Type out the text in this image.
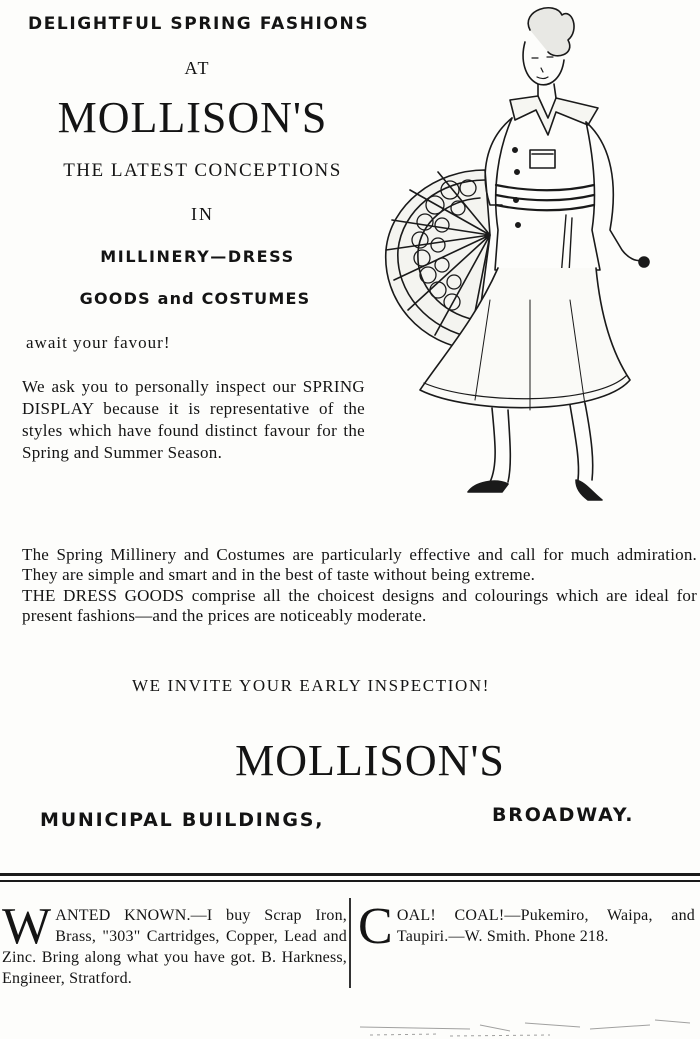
DELIGHTFUL SPRING FASHIONS
AT
MOLLISON'S
THE LATEST CONCEPTIONS
IN
MILLINERY—DRESS
GOODS and COSTUMES
await your favour!
We ask you to personally inspect our SPRING DISPLAY because it is representative of the styles which have found distinct favour for the Spring and Summer Season.
The Spring Millinery and Costumes are particularly effective and call for much admiration. They are simple and smart and in the best of taste without being extreme.
THE DRESS GOODS comprise all the choicest designs and colourings which are ideal for present fashions—and the prices are noticeably moderate.
WE INVITE YOUR EARLY INSPECTION!
MOLLISON'S
MUNICIPAL BUILDINGS,	BROADWAY.
WANTED KNOWN.—I buy Scrap Iron, Brass, "303" Cartridges, Copper, Lead and Zinc. Bring along what you have got. B. Harkness, Engineer, Stratford.
COAL! COAL!—Pukemiro, Waipa, and Taupiri.—W. Smith. Phone 218.
